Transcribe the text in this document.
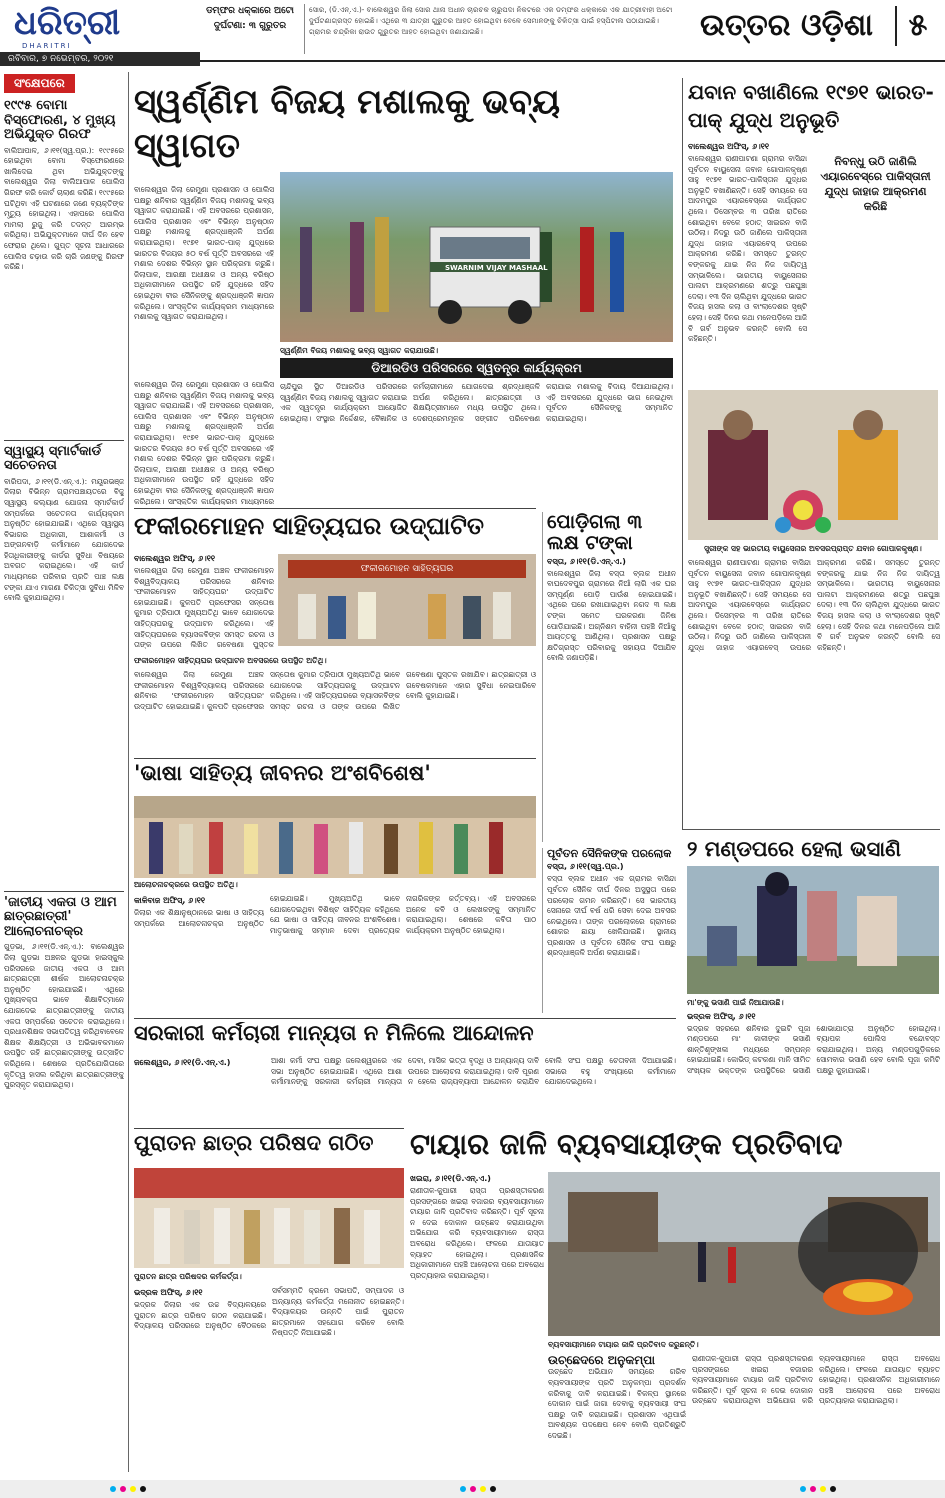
ଧରିତ୍ରୀ
DHARITRI
ରବିବାର, ୭ ନଭେମ୍ବର, ୨୦୨୧
ଡମ୍ଫର ଧକ୍କାରେ ଅଟୋ ଦୁର୍ଘଟଣା: ୩ ଗୁରୁତର
ସୋର, (ଡି.ଏନ୍.ଏ.)- ବାଲେଶ୍ୱର ଜିଲା ସୋର ଥାନା ଅଧୀନ ଚାରଚକ ଚାରୁପଦା ନିକଟରେ ଏକ ଡମ୍ଫର ଧକ୍କାରେ ଏକ ଯାତ୍ରୀବାହୀ ଅଟୋ ଦୁର୍ଘଟଣାଗ୍ରସ୍ତ ହୋଇଛି। ଏଥିରେ ୩ ଯାତ୍ରୀ ଗୁରୁତର ଆହତ ହୋଇଥିବା ବେଳେ ସେମାନଙ୍କୁ ଚିକିତ୍ସା ପାଇଁ ହସ୍ପିଟାଲ ପଠାଯାଇଛି। ଗ୍ରାମର ଚନ୍ଦ୍ରିକା ରାଉତ ଗୁରୁତର ଆହତ ହୋଇଥିବା ଜଣାଯାଇଛି।	ଉତ୍ତର ଓଡ଼ିଶା	୫
ସଂକ୍ଷେପରେ
୧୯୯୫ ବୋମା ବିସ୍ଫୋରଣ, ୪ ମୁଖ୍ୟ ଅଭିଯୁକ୍ତ ଗିରଫ
ବାଲିଆପାଳ, ୬।୧୧(ସ୍ୱ.ପ୍ର.): ୧୯୯୫ରେ ହୋଇଥିବା ବୋମା ବିସ୍ଫୋରଣରେ ଖାଲିଦେଇ ଥିବା ଅଭିଯୁକ୍ତଙ୍କୁ ବାଲେଶ୍ୱର ଜିଲା ବାଲିଆପାଳ ପୋଲିସ ଗିରଫ କରି କୋର୍ଟ ଚାଲାଣ କରିଛି। ୧୯୯୫ରେ ଘଟିଥିବା ଏହି ଘଟଣାରେ ଜଣେ ବ୍ୟକ୍ତିଙ୍କ ମୃତ୍ୟୁ ହୋଇଥିଲା। ଏହାପରେ ପୋଲିସ ମାମଲା ରୁଜୁ କରି ତଦନ୍ତ ଆରମ୍ଭ କରିଥିଲା। ଅଭିଯୁକ୍ତମାନେ ଦୀର୍ଘ ଦିନ ହେବ ଫେରାର ଥିଲେ। ଗୁପ୍ତ ସୂଚନା ଆଧାରରେ ପୋଲିସ ଚଢ଼ାଉ କରି ଚାରି ଜଣଙ୍କୁ ଗିରଫ କରିଛି।
ସ୍ୱାସ୍ଥ୍ୟ ସ୍ମାର୍ଟକାର୍ଡ ସଚେତନତା
ବାରିପଦା, ୬।୧୧(ଡି.ଏନ୍.ଏ.): ମୟୂରଭଞ୍ଜ ଜିଲାର ବିଭିନ୍ନ ଗ୍ରାମପଞ୍ଚାୟତରେ ବିଜୁ ସ୍ୱାସ୍ଥ୍ୟ କଲ୍ୟାଣ ଯୋଜନା ସ୍ମାର୍ଟକାର୍ଡ ସମ୍ପର୍କରେ ସଚେତନତା କାର୍ଯ୍ୟକ୍ରମ ଅନୁଷ୍ଠିତ ହୋଇଯାଇଛି। ଏଥିରେ ସ୍ୱାସ୍ଥ୍ୟ ବିଭାଗର ଅଧିକାରୀ, ଆଶାକର୍ମୀ ଓ ଅଙ୍ଗନବାଡ଼ି କର୍ମୀମାନେ ଯୋଗଦେଇ ହିତାଧିକାରୀଙ୍କୁ କାର୍ଡର ସୁବିଧା ବିଷୟରେ ଅବଗତ କରାଇଥିଲେ। ଏହି କାର୍ଡ ମାଧ୍ୟମରେ ପରିବାର ପ୍ରତି ପାଞ୍ଚ ଲକ୍ଷ ଟଙ୍କା ଯାଏ ମାଗଣା ଚିକିତ୍ସା ସୁବିଧା ମିଳିବ ବୋଲି କୁହାଯାଇଥିଲା।
'ଜାତୀୟ ଏକତା ଓ ଆମ ଛାତ୍ରଛାତ୍ରୀ' ଆଲୋଚନାଚକ୍ର
ଗୁଡ଼ଭା, ୬।୧୧(ଡି.ଏନ୍.ଏ.): ବାଲେଶ୍ୱର ଜିଲା ଗୁଡ଼ଭା ଅଞ୍ଚଳର ଗୁଡ଼ଭା ହାଇସ୍କୁଲ ପରିସରରେ ଜାତୀୟ ଏକତା ଓ ଆମ ଛାତ୍ରଛାତ୍ରୀ ଶୀର୍ଷକ ଆଲୋଚନାଚକ୍ର ଅନୁଷ୍ଠିତ ହୋଇଯାଇଛି। ଏଥିରେ ମୁଖ୍ୟବକ୍ତା ଭାବେ ଶିକ୍ଷାବିତ୍ମାନେ ଯୋଗଦେଇ ଛାତ୍ରଛାତ୍ରୀଙ୍କୁ ଜାତୀୟ ଏକତା ସମ୍ପର୍କରେ ସଚେତନ କରାଇଥିଲେ। ପ୍ରଧାନଶିକ୍ଷକ ସଭାପତିତ୍ୱ କରିଥିବାବେଳେ ଶିକ୍ଷକ ଶିକ୍ଷୟିତ୍ରୀ ଓ ଅଭିଭାବକମାନେ ଉପସ୍ଥିତ ରହି ଛାତ୍ରଛାତ୍ରୀଙ୍କୁ ଉତ୍ସାହିତ କରିଥିଲେ। ଶେଷରେ ପ୍ରତିଯୋଗିତାରେ କୃତିତ୍ୱ ହାସଲ କରିଥିବା ଛାତ୍ରଛାତ୍ରୀଙ୍କୁ ପୁରସ୍କୃତ କରାଯାଇଥିଲା।
ସ୍ୱର୍ଣ୍ଣିମ ବିଜୟ ମଶାଲକୁ ଭବ୍ୟ ସ୍ୱାଗତ
ବାଲେଶ୍ୱର ଜିଲା ରେମୁଣା ପ୍ରଶାସନ ଓ ପୋଲିସ ପକ୍ଷରୁ ଶନିବାର ସ୍ୱର୍ଣ୍ଣିମ ବିଜୟ ମଶାଲକୁ ଭବ୍ୟ ସ୍ୱାଗତ କରାଯାଇଛି। ଏହି ଅବସରରେ ପ୍ରଶାସନ, ପୋଲିସ ପ୍ରଶାସନ ଏବଂ ବିଭିନ୍ନ ଅନୁଷ୍ଠାନ ପକ୍ଷରୁ ମଶାଲକୁ ଶ୍ରଦ୍ଧାଞ୍ଜଳି ଅର୍ପଣ କରାଯାଇଥିଲା। ୧୯୭୧ ଭାରତ-ପାକ୍ ଯୁଦ୍ଧରେ ଭାରତର ବିଜୟର ୫୦ ବର୍ଷ ପୂର୍ତ୍ତି ଅବସରରେ ଏହି ମଶାଲ ଦେଶର ବିଭିନ୍ନ ସ୍ଥାନ ପରିକ୍ରମା କରୁଛି। ଜିଲାପାଳ, ଆରକ୍ଷୀ ଅଧୀକ୍ଷକ ଓ ଅନ୍ୟ ବରିଷ୍ଠ ଅଧିକାରୀମାନେ ଉପସ୍ଥିତ ରହି ଯୁଦ୍ଧରେ ସହିଦ ହୋଇଥିବା ବୀର ସୈନିକଙ୍କୁ ଶ୍ରଦ୍ଧାଞ୍ଜଳି ଜ୍ଞାପନ କରିଥିଲେ। ସାଂସ୍କୃତିକ କାର୍ଯ୍ୟକ୍ରମ ମାଧ୍ୟମରେ ମଶାଲକୁ ସ୍ୱାଗତ କରାଯାଇଥିଲା।
SWARNIM VIJAY MASHAAL
ସ୍ୱର୍ଣ୍ଣିମ ବିଜୟ ମଶାଲକୁ ଭବ୍ୟ ସ୍ୱାଗତ କରାଯାଉଛି।
ବାଲେଶ୍ୱର ଜିଲା ରେମୁଣା ପ୍ରଶାସନ ଓ ପୋଲିସ ପକ୍ଷରୁ ଶନିବାର ସ୍ୱର୍ଣ୍ଣିମ ବିଜୟ ମଶାଲକୁ ଭବ୍ୟ ସ୍ୱାଗତ କରାଯାଇଛି। ଏହି ଅବସରରେ ପ୍ରଶାସନ, ପୋଲିସ ପ୍ରଶାସନ ଏବଂ ବିଭିନ୍ନ ଅନୁଷ୍ଠାନ ପକ୍ଷରୁ ମଶାଲକୁ ଶ୍ରଦ୍ଧାଞ୍ଜଳି ଅର୍ପଣ କରାଯାଇଥିଲା। ୧୯୭୧ ଭାରତ-ପାକ୍ ଯୁଦ୍ଧରେ ଭାରତର ବିଜୟର ୫୦ ବର୍ଷ ପୂର୍ତ୍ତି ଅବସରରେ ଏହି ମଶାଲ ଦେଶର ବିଭିନ୍ନ ସ୍ଥାନ ପରିକ୍ରମା କରୁଛି। ଜିଲାପାଳ, ଆରକ୍ଷୀ ଅଧୀକ୍ଷକ ଓ ଅନ୍ୟ ବରିଷ୍ଠ ଅଧିକାରୀମାନେ ଉପସ୍ଥିତ ରହି ଯୁଦ୍ଧରେ ସହିଦ ହୋଇଥିବା ବୀର ସୈନିକଙ୍କୁ ଶ୍ରଦ୍ଧାଞ୍ଜଳି ଜ୍ଞାପନ କରିଥିଲେ। ସାଂସ୍କୃତିକ କାର୍ଯ୍ୟକ୍ରମ ମାଧ୍ୟମରେ
ଡିଆରଡିଓ ପରିସରରେ ସ୍ୱତନ୍ତ୍ର କାର୍ଯ୍ୟକ୍ରମ
ଚାନ୍ଦିପୁର ସ୍ଥିତ ଡିଆରଡିଓ ପରିସରରେ ସ୍ୱର୍ଣ୍ଣିମ ବିଜୟ ମଶାଲକୁ ସ୍ୱାଗତ କରାଯାଇ ଏକ ସ୍ୱତନ୍ତ୍ର କାର୍ଯ୍ୟକ୍ରମ ଆୟୋଜିତ ହୋଇଥିଲା। ସଂସ୍ଥାର ନିର୍ଦ୍ଦେଶକ, ବୈଜ୍ଞାନିକ ଓ କର୍ମଚାରୀମାନେ ଯୋଗଦେଇ ଶ୍ରଦ୍ଧାଞ୍ଜଳି ଅର୍ପଣ କରିଥିଲେ। ଛାତ୍ରଛାତ୍ରୀ ଓ ଶିକ୍ଷୟିତ୍ରୀମାନେ ମଧ୍ୟ ଉପସ୍ଥିତ ଥିଲେ। ଦେଶପ୍ରେମମୂଳକ ସଙ୍ଗୀତ ପରିବେଷଣ କରାଯାଇ ମଶାଲକୁ ବିଦାୟ ଦିଆଯାଇଥିଲା। ଏହି ଅବସରରେ ଯୁଦ୍ଧରେ ଭାଗ ନେଇଥିବା ପୂର୍ବତନ ସୈନିକଙ୍କୁ ସମ୍ମାନିତ କରାଯାଇଥିଲା।
ଫକୀରମୋହନ ସାହିତ୍ୟଘର ଉଦ୍‌ଘାଟିତ
ବାଲେଶ୍ୱର ଅଫିସ୍, ୬।୧୧
ବାଲେଶ୍ୱର ଜିଲା ରେମୁଣା ଅଞ୍ଚଳ ଫକୀରମୋହନ ବିଶ୍ୱବିଦ୍ୟାଳୟ ପରିସରରେ ଶନିବାର 'ଫକୀରମୋହନ ସାହିତ୍ୟଘର' ଉଦ୍‌ଘାଟିତ ହୋଇଯାଇଛି। କୁଳପତି ପ୍ରଫେସର ସନ୍ତୋଷ କୁମାର ତ୍ରିପାଠୀ ମୁଖ୍ୟଅତିଥି ଭାବେ ଯୋଗଦେଇ ସାହିତ୍ୟଘରକୁ ଉଦ୍‌ଘାଟନ କରିଥିଲେ। ଏହି ସାହିତ୍ୟଘରରେ ବ୍ୟାସକବିଙ୍କ ସମସ୍ତ ରଚନା ଓ ତାଙ୍କ ଉପରେ ଲିଖିତ ଗବେଷଣା ପୁସ୍ତକ
ଫକୀରମୋହନ ସାହିତ୍ୟଘର
ଫକୀରମୋହନ ସାହିତ୍ୟଘର ଉଦ୍‌ଘାଟନ ଅବସରରେ ଉପସ୍ଥିତ ଅତିଥି।
ବାଲେଶ୍ୱର ଜିଲା ରେମୁଣା ଅଞ୍ଚଳ ଫକୀରମୋହନ ବିଶ୍ୱବିଦ୍ୟାଳୟ ପରିସରରେ ଶନିବାର 'ଫକୀରମୋହନ ସାହିତ୍ୟଘର' ଉଦ୍‌ଘାଟିତ ହୋଇଯାଇଛି। କୁଳପତି ପ୍ରଫେସର ସନ୍ତୋଷ କୁମାର ତ୍ରିପାଠୀ ମୁଖ୍ୟଅତିଥି ଭାବେ ଯୋଗଦେଇ ସାହିତ୍ୟଘରକୁ ଉଦ୍‌ଘାଟନ କରିଥିଲେ। ଏହି ସାହିତ୍ୟଘରରେ ବ୍ୟାସକବିଙ୍କ ସମସ୍ତ ରଚନା ଓ ତାଙ୍କ ଉପରେ ଲିଖିତ ଗବେଷଣା ପୁସ୍ତକ ରଖାଯିବ। ଛାତ୍ରଛାତ୍ରୀ ଓ ଗବେଷକମାନେ ଏହାର ସୁବିଧା ନେଇପାରିବେ ବୋଲି କୁହାଯାଇଛି।
ପୋଡ଼ିଗଲା ୩ ଲକ୍ଷ ଟଙ୍କା
ବସ୍ତା, ୬।୧୧(ଡି.ଏନ୍.ଏ.)
ବାଲେଶ୍ୱର ଜିଲା ବସ୍ତା ବ୍ଲକ ଅଧୀନ ବାଘଦେବପୁର ଗ୍ରାମରେ ନିଆଁ ଲାଗି ଏକ ଘର ସମ୍ପୂର୍ଣ୍ଣ ପୋଡ଼ି ପାଉଁଶ ହୋଇଯାଇଛି। ଏଥିରେ ଘରେ ରଖାଯାଇଥିବା ନଗଦ ୩ ଲକ୍ଷ ଟଙ୍କା ସମେତ ଘରକରଣା ଜିନିଷ ପୋଡ଼ିଯାଇଛି। ଅଗ୍ନିଶମ ବାହିନୀ ପହଞ୍ଚି ନିଆଁକୁ ଆୟତ୍ତକୁ ଆଣିଥିଲା। ପ୍ରଶାସନ ପକ୍ଷରୁ କ୍ଷତିଗ୍ରସ୍ତ ପରିବାରକୁ ସହାୟତା ଦିଆଯିବ ବୋଲି ଜଣାପଡ଼ିଛି।
'ଭାଷା ସାହିତ୍ୟ ଜୀବନର ଅଂଶବିଶେଷ'
ଆଲୋଚନାଚକ୍ରରେ ଉପସ୍ଥିତ ଅତିଥି।
କାଳିବାଜ ଅଫିସ୍, ୬।୧୧
ଜିଲାର ଏକ ଶିକ୍ଷାନୁଷ୍ଠାନରେ ଭାଷା ଓ ସାହିତ୍ୟ ସମ୍ପର୍କରେ ଆଲୋଚନାଚକ୍ର ଅନୁଷ୍ଠିତ ହୋଇଯାଇଛି। ମୁଖ୍ୟଅତିଥି ଭାବେ ଯୋଗଦେଇଥିବା ବିଶିଷ୍ଟ ସାହିତ୍ୟିକ କହିଥିଲେ ଯେ ଭାଷା ଓ ସାହିତ୍ୟ ଜୀବନର ଅଂଶବିଶେଷ। ମାତୃଭାଷାକୁ ସମ୍ମାନ ଦେବା ପ୍ରତ୍ୟେକ ନାଗରିକଙ୍କ କର୍ତ୍ତବ୍ୟ। ଏହି ଅବସରରେ ଅନେକ କବି ଓ ଲେଖକଙ୍କୁ ସମ୍ମାନିତ କରାଯାଇଥିଲା। ଶେଷରେ କବିତା ପାଠ କାର୍ଯ୍ୟକ୍ରମ ଅନୁଷ୍ଠିତ ହୋଇଥିଲା।
ପୂର୍ବତନ ସୈନିକଙ୍କ ପରଲୋକ
ବସ୍ତା, ୬।୧୧(ସ୍ୱ.ପ୍ର.)
ବସ୍ତା ବ୍ଲକ ଅଧୀନ ଏକ ଗ୍ରାମର ବାସିନ୍ଦା ପୂର୍ବତନ ସୈନିକ ଦୀର୍ଘ ଦିନର ଅସୁସ୍ଥତା ପରେ ପରଲୋକ ଗମନ କରିଛନ୍ତି। ସେ ଭାରତୀୟ ସେନାରେ ଦୀର୍ଘ ବର୍ଷ ଧରି ସେବା ଦେଇ ଅବସର ନେଇଥିଲେ। ତାଙ୍କ ପରଲୋକରେ ଗ୍ରାମରେ ଶୋକର ଛାୟା ଖେଳିଯାଇଛି। ସ୍ଥାନୀୟ ପ୍ରଶାସନ ଓ ପୂର୍ବତନ ସୈନିକ ସଂଘ ପକ୍ଷରୁ ଶ୍ରଦ୍ଧାଞ୍ଜଳି ଅର୍ପଣ କରାଯାଇଛି।
ସରକାରୀ କର୍ମଚାରୀ ମାନ୍ୟତା ନ ମିଳିଲେ ଆନ୍ଦୋଳନ
ଜଲେଶ୍ୱର, ୬।୧୧(ଡି.ଏନ୍.ଏ.)	ଆଶା କର୍ମୀ ସଂଘ ପକ୍ଷରୁ ଜଲେଶ୍ୱରରେ ଏକ ସଭା ଅନୁଷ୍ଠିତ ହୋଇଯାଇଛି। ଏଥିରେ ଆଶା କର୍ମୀମାନଙ୍କୁ ସରକାରୀ କର୍ମଚାରୀ ମାନ୍ୟତା ଦେବା, ମାସିକ ଭତ୍ତା ବୃଦ୍ଧି ଓ ଅନ୍ୟାନ୍ୟ ଦାବି ଉପରେ ଆଲୋଚନା କରାଯାଇଥିଲା। ଦାବି ପୂରଣ ନ ହେଲେ ରାଜ୍ୟବ୍ୟାପୀ ଆନ୍ଦୋଳନ କରାଯିବ ବୋଲି ସଂଘ ପକ୍ଷରୁ ଚେତାବନୀ ଦିଆଯାଇଛି। ସଭାରେ ବହୁ ସଂଖ୍ୟାରେ କର୍ମୀମାନେ ଯୋଗଦେଇଥିଲେ।
ଯବାନ ବଖାଣିଲେ ୧୯୭୧ ଭାରତ-ପାକ୍ ଯୁଦ୍ଧ ଅନୁଭୂତି
ବାଲେଶ୍ୱର ଅଫିସ୍, ୬।୧୧
ବାଲେଶ୍ୱର ରାଣୀପାଟଣା ଗ୍ରାମର ବାସିନ୍ଦା ପୂର୍ବତନ ବାୟୁସେନା ଜବାନ ଗୋପାଳକୃଷ୍ଣ ସାହୁ ୧୯୭୧ ଭାରତ-ପାକିସ୍ତାନ ଯୁଦ୍ଧର ଅନୁଭୂତି ବଖାଣିଛନ୍ତି। ସେହି ସମୟରେ ସେ ଆଦମପୁର ଏୟାରବେସ୍‌ରେ କାର୍ଯ୍ୟରତ ଥିଲେ। ଡିସେମ୍ବର ୩ ତାରିଖ ରାତିରେ ଶୋଇଥିବା ବେଳେ ହଠାତ୍ ସାଇରନ ବାଜି ଉଠିଲା। ନିଦରୁ ଉଠି ଜାଣିଲେ ପାକିସ୍ତାନୀ ଯୁଦ୍ଧ ଜାହାଜ ଏୟାରବେସ୍ ଉପରେ ଆକ୍ରମଣ କରିଛି। ସମସ୍ତେ ତୁରନ୍ତ ବଙ୍କରକୁ ଯାଇ ନିଜ ନିଜ ଦାୟିତ୍ୱ ସମ୍ଭାଳିଲେ। ଭାରତୀୟ ବାୟୁସେନାର ପାଲଟା ଆକ୍ରମଣରେ ଶତ୍ରୁ ପଛଘୁଞ୍ଚା ଦେଲା। ୧୩ ଦିନ ଚାଲିଥିବା ଯୁଦ୍ଧରେ ଭାରତ ବିଜୟ ହାସଲ କଲା ଓ ବାଂଲାଦେଶର ସୃଷ୍ଟି ହେଲା। ସେହି ଦିନର କଥା ମନେପଡ଼ିଲେ ଆଜି ବି ଗର୍ବ ଅନୁଭବ କରନ୍ତି ବୋଲି ସେ କହିଛନ୍ତି।
ନିବନ୍ଧୁ ଉଠି ଜାଣିଲି ଏୟାରବେସ୍‌ରେ ପାକିସ୍ତାନୀ ଯୁଦ୍ଧ ଜାହାଜ ଆକ୍ରମଣ କରିଛି
ସ୍ତ୍ରୀଙ୍କ ସହ ଭାରତୀୟ ବାୟୁସେନାର ଅବସରପ୍ରାପ୍ତ ଯବାନ ଗୋପାଳକୃଷ୍ଣ।
ବାଲେଶ୍ୱର ରାଣୀପାଟଣା ଗ୍ରାମର ବାସିନ୍ଦା ପୂର୍ବତନ ବାୟୁସେନା ଜବାନ ଗୋପାଳକୃଷ୍ଣ ସାହୁ ୧୯୭୧ ଭାରତ-ପାକିସ୍ତାନ ଯୁଦ୍ଧର ଅନୁଭୂତି ବଖାଣିଛନ୍ତି। ସେହି ସମୟରେ ସେ ଆଦମପୁର ଏୟାରବେସ୍‌ରେ କାର୍ଯ୍ୟରତ ଥିଲେ। ଡିସେମ୍ବର ୩ ତାରିଖ ରାତିରେ ଶୋଇଥିବା ବେଳେ ହଠାତ୍ ସାଇରନ ବାଜି ଉଠିଲା। ନିଦରୁ ଉଠି ଜାଣିଲେ ପାକିସ୍ତାନୀ ଯୁଦ୍ଧ ଜାହାଜ ଏୟାରବେସ୍ ଉପରେ ଆକ୍ରମଣ କରିଛି। ସମସ୍ତେ ତୁରନ୍ତ ବଙ୍କରକୁ ଯାଇ ନିଜ ନିଜ ଦାୟିତ୍ୱ ସମ୍ଭାଳିଲେ। ଭାରତୀୟ ବାୟୁସେନାର ପାଲଟା ଆକ୍ରମଣରେ ଶତ୍ରୁ ପଛଘୁଞ୍ଚା ଦେଲା। ୧୩ ଦିନ ଚାଲିଥିବା ଯୁଦ୍ଧରେ ଭାରତ ବିଜୟ ହାସଲ କଲା ଓ ବାଂଲାଦେଶର ସୃଷ୍ଟି ହେଲା। ସେହି ଦିନର କଥା ମନେପଡ଼ିଲେ ଆଜି ବି ଗର୍ବ ଅନୁଭବ କରନ୍ତି ବୋଲି ସେ କହିଛନ୍ତି।
୨ ମଣ୍ଡପରେ ହେଲା ଭସାଣି
ମା'ଙ୍କୁ ଭସାଣି ପାଇଁ ନିଆଯାଉଛି।
ଭଦ୍ରକ ଅଫିସ୍, ୬।୧୧
ଭଦ୍ରକ ସହରରେ ଶନିବାର ଦୁଇଟି ପୂଜା ମଣ୍ଡପରେ ମା' କାଳୀଙ୍କ ଭସାଣି ଶାନ୍ତିଶୃଙ୍ଖଳା ମଧ୍ୟରେ ସମ୍ପନ୍ନ ହୋଇଯାଇଛି। କୋଭିଡ୍ କଟକଣା ମାନି ସୀମିତ ସଂଖ୍ୟକ ଭକ୍ତଙ୍କ ଉପସ୍ଥିତିରେ ଭସାଣି ଶୋଭାଯାତ୍ରା ଅନୁଷ୍ଠିତ ହୋଇଥିଲା। ବ୍ୟାପକ ପୋଲିସ ବନ୍ଦୋବସ୍ତ କରାଯାଇଥିଲା। ଅନ୍ୟ ମଣ୍ଡପଗୁଡ଼ିକରେ ସୋମବାର ଭସାଣି ହେବ ବୋଲି ପୂଜା କମିଟି ପକ୍ଷରୁ କୁହାଯାଇଛି।
ପୁରାତନ ଛାତ୍ର ପରିଷଦ ଗଠିତ
ପୁରାତନ ଛାତ୍ର ପରିଷଦର କର୍ମକର୍ତ୍ତା।
ଭଦ୍ରକ ଅଫିସ୍, ୬।୧୧
ଭଦ୍ରକ ଜିଲାର ଏକ ଉଚ୍ଚ ବିଦ୍ୟାଳୟରେ ପୁରାତନ ଛାତ୍ର ପରିଷଦ ଗଠନ କରାଯାଇଛି। ବିଦ୍ୟାଳୟ ପରିସରରେ ଅନୁଷ୍ଠିତ ବୈଠକରେ ସର୍ବସମ୍ମତି କ୍ରମେ ସଭାପତି, ସମ୍ପାଦକ ଓ ଅନ୍ୟାନ୍ୟ କର୍ମକର୍ତ୍ତା ମନୋନୀତ ହୋଇଛନ୍ତି। ବିଦ୍ୟାଳୟର ଉନ୍ନତି ପାଇଁ ପୁରାତନ ଛାତ୍ରମାନେ ସହଯୋଗ କରିବେ ବୋଲି ନିଷ୍ପତ୍ତି ନିଆଯାଇଛି।
ଟାୟାର ଜାଳି ବ୍ୟବସାୟୀଙ୍କ ପ୍ରତିବାଦ
ଖଇରା, ୬।୧୧(ଡି.ଏନ୍.ଏ.)
ରାଣୀତାଳ-କୁପାରୀ ରାସ୍ତା ପ୍ରଶସ୍ତୀକରଣ ପ୍ରସଙ୍ଗରେ ଖଇରା ବଜାରର ବ୍ୟବସାୟୀମାନେ ଟାୟାର ଜାଳି ପ୍ରତିବାଦ କରିଛନ୍ତି। ପୂର୍ବ ସୂଚନା ନ ଦେଇ ଦୋକାନ ଉଚ୍ଛେଦ କରାଯାଉଥିବା ଅଭିଯୋଗ କରି ବ୍ୟବସାୟୀମାନେ ରାସ୍ତା ଅବରୋଧ କରିଥିଲେ। ଫଳରେ ଯାତାୟାତ ବ୍ୟାହତ ହୋଇଥିଲା। ପ୍ରଶାସନିକ ଅଧିକାରୀମାନେ ପହଞ୍ଚି ଆଲୋଚନା ପରେ ଅବରୋଧ ପ୍ରତ୍ୟାହାର କରାଯାଇଥିଲା।
ବ୍ୟବସାୟୀମାନେ ଟାୟାର ଜାଳି ପ୍ରତିବାଦ କରୁଛନ୍ତି।
ଉଚ୍ଛେଦରେ ଅନୁକମ୍ପା
ଉଚ୍ଛେଦ ଅଭିଯାନ ସମୟରେ ଗରିବ ବ୍ୟବସାୟୀଙ୍କ ପ୍ରତି ଅନୁକମ୍ପା ପ୍ରଦର୍ଶନ କରିବାକୁ ଦାବି କରାଯାଇଛି। ବିକଳ୍ପ ସ୍ଥାନରେ ଦୋକାନ ପାଇଁ ଜାଗା ଦେବାକୁ ବ୍ୟବସାୟୀ ସଂଘ ପକ୍ଷରୁ ଦାବି କରାଯାଇଛି। ପ୍ରଶାସନ ଏଥିପାଇଁ ଆବଶ୍ୟକ ପଦକ୍ଷେପ ନେବ ବୋଲି ପ୍ରତିଶ୍ରୁତି ଦେଇଛି।
ରାଣୀତାଳ-କୁପାରୀ ରାସ୍ତା ପ୍ରଶସ୍ତୀକରଣ ପ୍ରସଙ୍ଗରେ ଖଇରା ବଜାରର ବ୍ୟବସାୟୀମାନେ ଟାୟାର ଜାଳି ପ୍ରତିବାଦ କରିଛନ୍ତି। ପୂର୍ବ ସୂଚନା ନ ଦେଇ ଦୋକାନ ଉଚ୍ଛେଦ କରାଯାଉଥିବା ଅଭିଯୋଗ କରି ବ୍ୟବସାୟୀମାନେ ରାସ୍ତା ଅବରୋଧ କରିଥିଲେ। ଫଳରେ ଯାତାୟାତ ବ୍ୟାହତ ହୋଇଥିଲା। ପ୍ରଶାସନିକ ଅଧିକାରୀମାନେ ପହଞ୍ଚି ଆଲୋଚନା ପରେ ଅବରୋଧ ପ୍ରତ୍ୟାହାର କରାଯାଇଥିଲା।
